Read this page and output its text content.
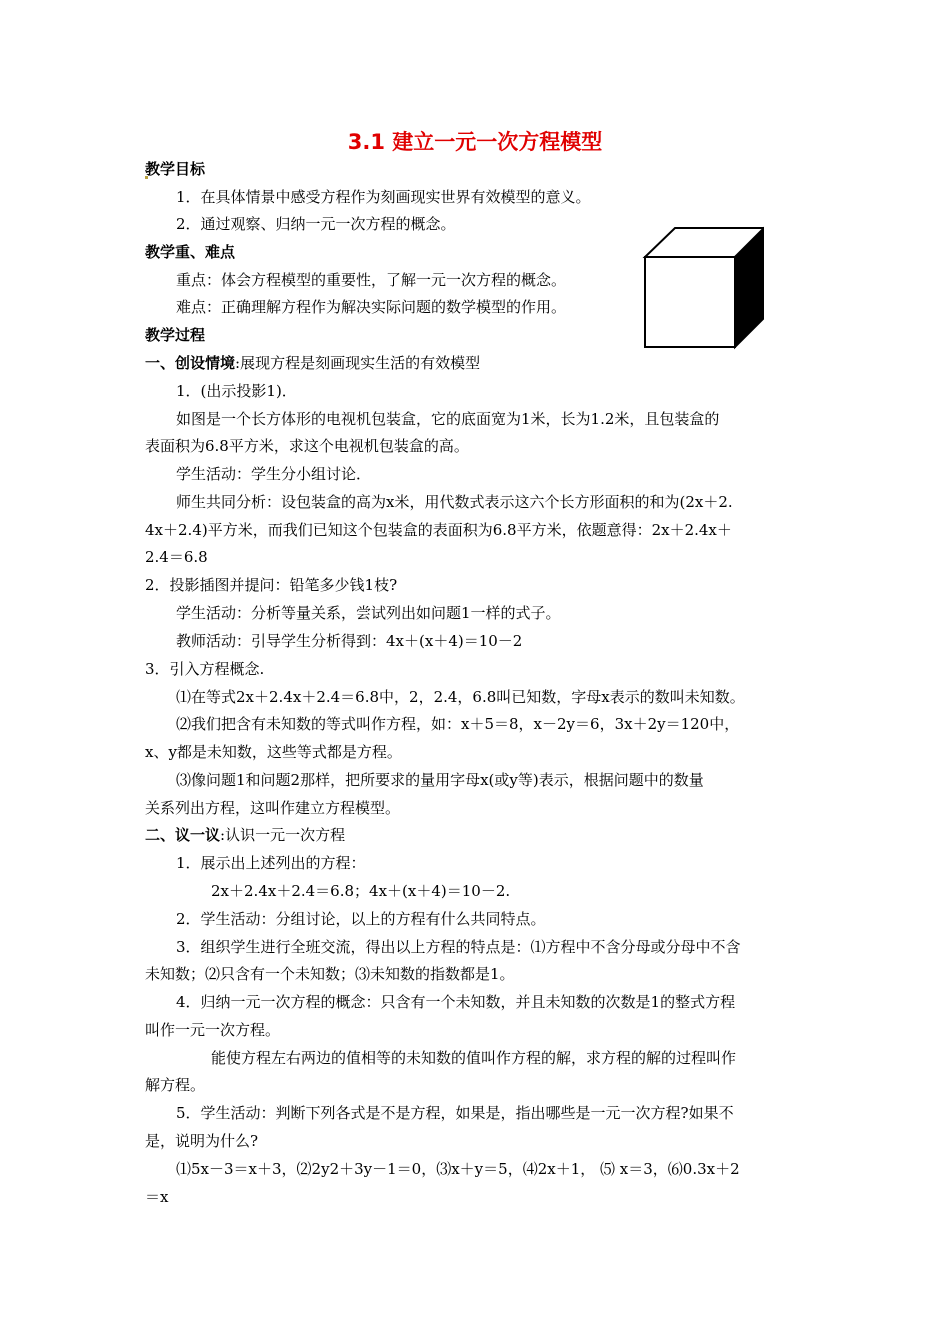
3.1 建立一元一次方程模型
教学目标
1．在具体情景中感受方程作为刻画现实世界有效模型的意义。
2．通过观察、归纳一元一次方程的概念。
教学重、难点
重点：体会方程模型的重要性，了解一元一次方程的概念。
难点：正确理解方程作为解决实际问题的数学模型的作用。
教学过程
一、创设情境:展现方程是刻画现实生活的有效模型
1．(出示投影1)．
如图是一个长方体形的电视机包装盒，它的底面宽为1米，长为1.2米，且包装盒的
表面积为6.8平方米，求这个电视机包装盒的高。
学生活动：学生分小组讨论．
师生共同分析：设包装盒的高为x米，用代数式表示这六个长方形面积的和为(2x＋2.
4x＋2.4)平方米，而我们已知这个包装盒的表面积为6.8平方米，依题意得：2x＋2.4x＋
2.4＝6.8
2．投影插图并提问：铅笔多少钱1枝?
学生活动：分析等量关系，尝试列出如问题1一样的式子。
教师活动：引导学生分析得到：4x＋(x＋4)＝10－2
3．引入方程概念.
⑴在等式2x＋2.4x＋2.4＝6.8中，2，2.4，6.8叫已知数，字母x表示的数叫未知数。
⑵我们把含有未知数的等式叫作方程，如：x＋5＝8，x－2y＝6，3x＋2y＝120中，
x、y都是未知数，这些等式都是方程。
⑶像问题1和问题2那样，把所要求的量用字母x(或y等)表示，根据问题中的数量
关系列出方程，这叫作建立方程模型。
二、议一议:认识一元一次方程
1．展示出上述列出的方程：
2x＋2.4x＋2.4＝6.8；4x＋(x＋4)＝10－2.
2．学生活动：分组讨论，以上的方程有什么共同特点。
3．组织学生进行全班交流，得出以上方程的特点是：⑴方程中不含分母或分母中不含
未知数；⑵只含有一个未知数；⑶未知数的指数都是1。
4．归纳一元一次方程的概念：只含有一个未知数，并且未知数的次数是1的整式方程
叫作一元一次方程。
能使方程左右两边的值相等的未知数的值叫作方程的解，求方程的解的过程叫作
解方程。
5．学生活动：判断下列各式是不是方程，如果是，指出哪些是一元一次方程?如果不
是，说明为什么?
⑴5x－3＝x＋3，⑵2y2＋3y－1＝0，⑶x＋y＝5，⑷2x＋1， ⑸ x＝3，⑹0.3x＋2
＝x
